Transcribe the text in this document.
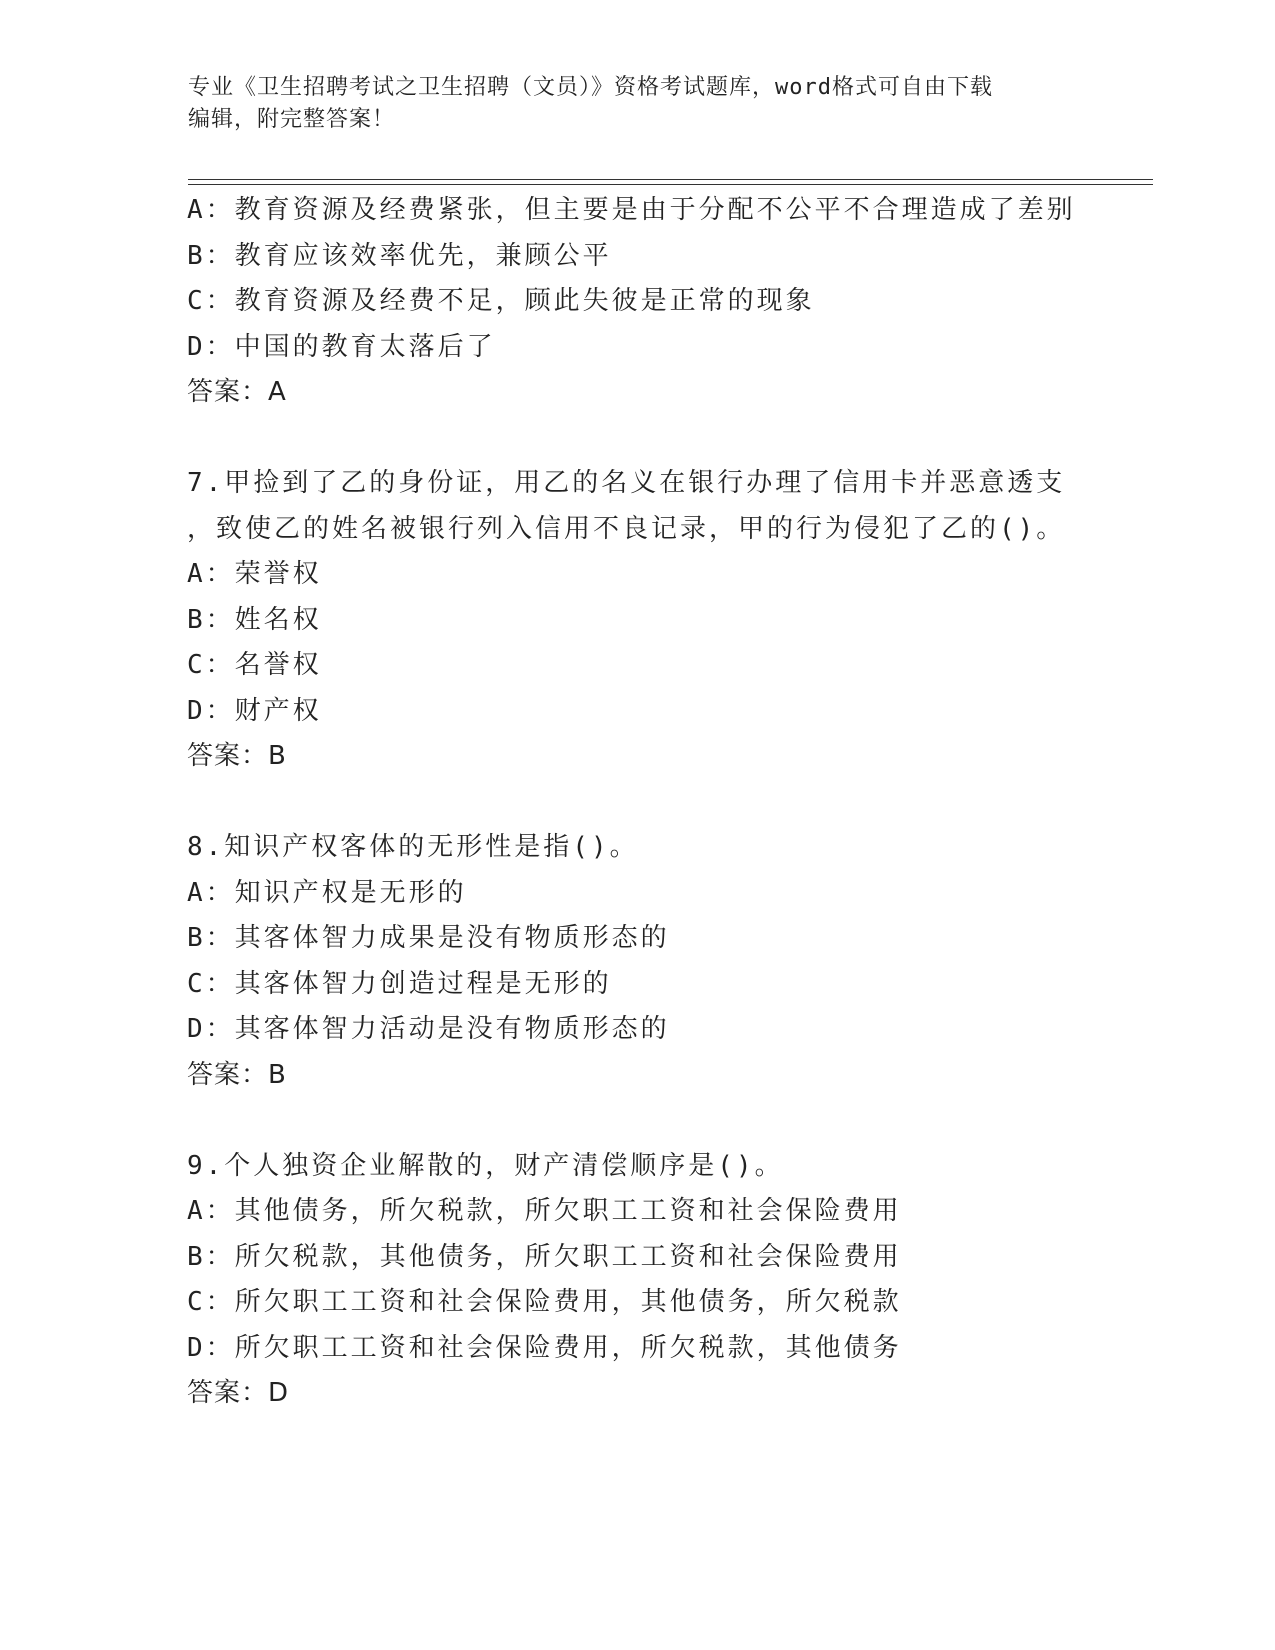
专业《卫生招聘考试之卫生招聘（文员）》资格考试题库，word格式可自由下载
编辑，附完整答案！
A：教育资源及经费紧张，但主要是由于分配不公平不合理造成了差别
B：教育应该效率优先，兼顾公平
C：教育资源及经费不足，顾此失彼是正常的现象
D：中国的教育太落后了
答案：A
7.甲捡到了乙的身份证，用乙的名义在银行办理了信用卡并恶意透支
，致使乙的姓名被银行列入信用不良记录，甲的行为侵犯了乙的()。
A：荣誉权
B：姓名权
C：名誉权
D：财产权
答案：B
8.知识产权客体的无形性是指()。
A：知识产权是无形的
B：其客体智力成果是没有物质形态的
C：其客体智力创造过程是无形的
D：其客体智力活动是没有物质形态的
答案：B
9.个人独资企业解散的，财产清偿顺序是()。
A：其他债务，所欠税款，所欠职工工资和社会保险费用
B：所欠税款，其他债务，所欠职工工资和社会保险费用
C：所欠职工工资和社会保险费用，其他债务，所欠税款
D：所欠职工工资和社会保险费用，所欠税款，其他债务
答案：D
